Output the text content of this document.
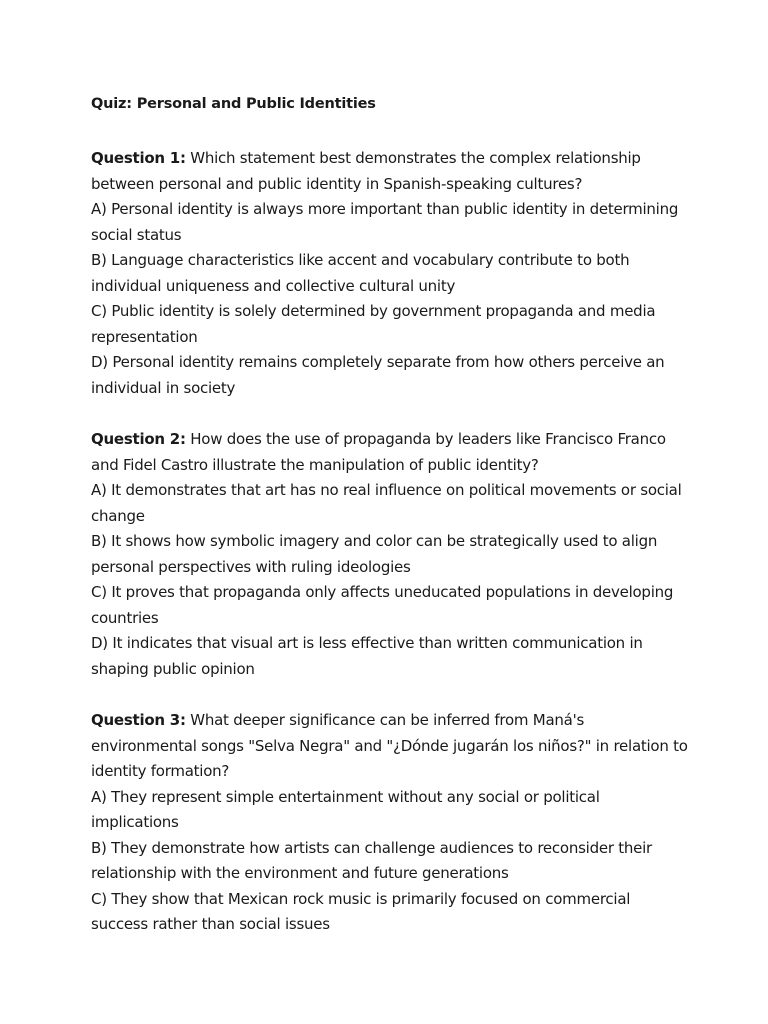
Quiz: Personal and Public Identities

Question 1: Which statement best demonstrates the complex relationship between personal and public identity in Spanish-speaking cultures?

A) Personal identity is always more important than public identity in determining social status

B) Language characteristics like accent and vocabulary contribute to both individual uniqueness and collective cultural unity

C) Public identity is solely determined by government propaganda and media representation

D) Personal identity remains completely separate from how others perceive an individual in society

Question 2: How does the use of propaganda by leaders like Francisco Franco and Fidel Castro illustrate the manipulation of public identity?

A) It demonstrates that art has no real influence on political movements or social change

B) It shows how symbolic imagery and color can be strategically used to align personal perspectives with ruling ideologies

C) It proves that propaganda only affects uneducated populations in developing countries

D) It indicates that visual art is less effective than written communication in shaping public opinion

Question 3: What deeper significance can be inferred from Maná's environmental songs "Selva Negra" and "¿Dónde jugarán los niños?" in relation to identity formation?

A) They represent simple entertainment without any social or political implications

B) They demonstrate how artists can challenge audiences to reconsider their relationship with the environment and future generations

C) They show that Mexican rock music is primarily focused on commercial success rather than social issues
